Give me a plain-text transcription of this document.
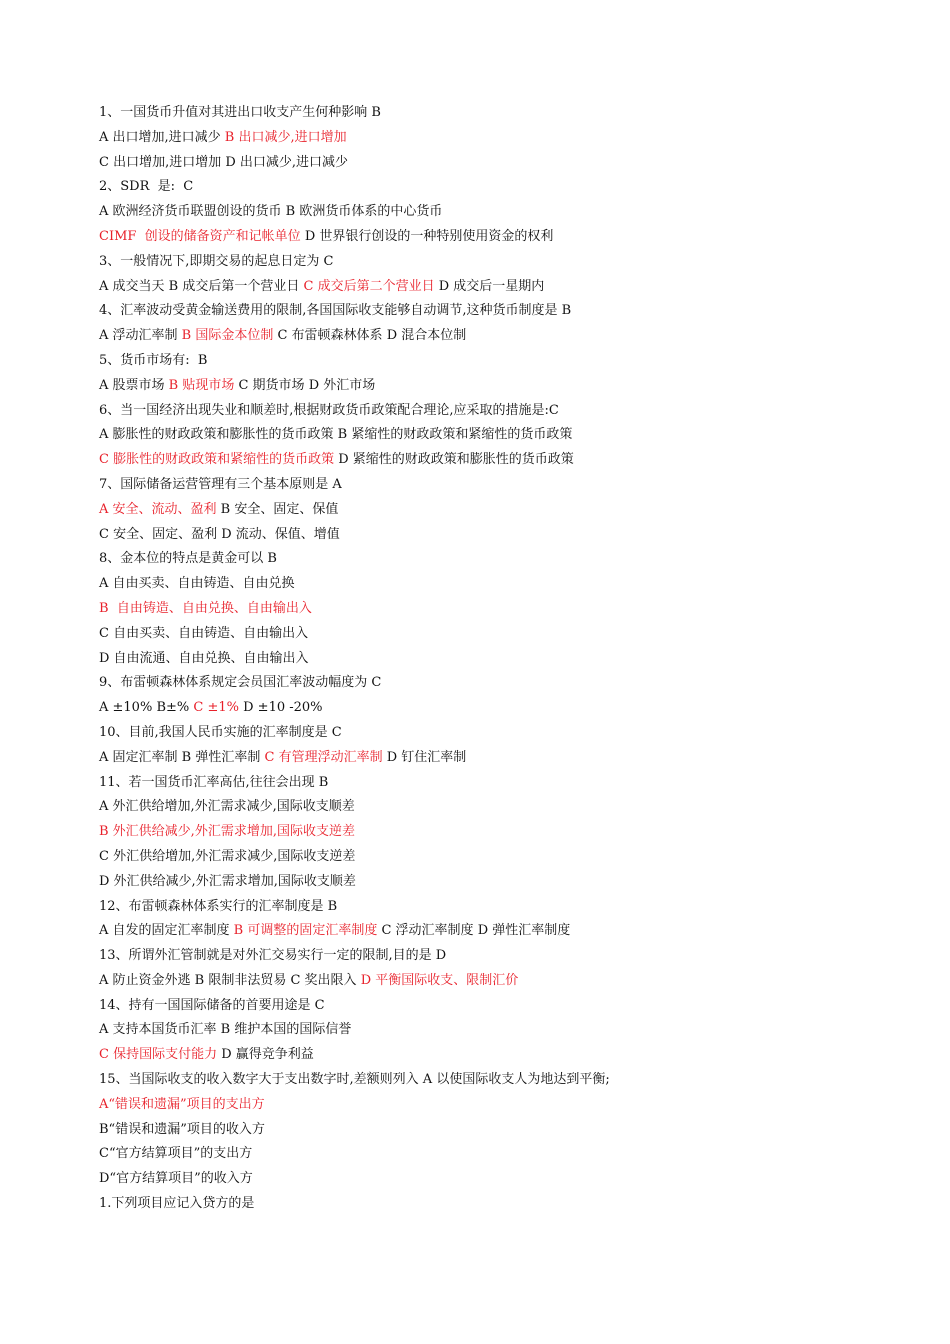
1、一国货币升值对其进出口收支产生何种影响 B
A 出口增加,进口减少 B 出口减少,进口增加
C 出口增加,进口增加 D 出口减少,进口减少
2、SDR  是:  C
A 欧洲经济货币联盟创设的货币 B 欧洲货币体系的中心货币
CIMF  创设的储备资产和记帐单位 D 世界银行创设的一种特别使用资金的权利
3、一般情况下,即期交易的起息日定为 C
A 成交当天 B 成交后第一个营业日 C 成交后第二个营业日 D 成交后一星期内
4、汇率波动受黄金输送费用的限制,各国国际收支能够自动调节,这种货币制度是 B
A 浮动汇率制 B 国际金本位制 C 布雷顿森林体系 D 混合本位制
5、货币市场有:  B
A 股票市场 B 贴现市场 C 期货市场 D 外汇市场
6、当一国经济出现失业和顺差时,根据财政货币政策配合理论,应采取的措施是:C
A 膨胀性的财政政策和膨胀性的货币政策 B 紧缩性的财政政策和紧缩性的货币政策
C 膨胀性的财政政策和紧缩性的货币政策 D 紧缩性的财政政策和膨胀性的货币政策
7、国际储备运营管理有三个基本原则是 A
A 安全、流动、盈利 B 安全、固定、保值
C 安全、固定、盈利 D 流动、保值、增值
8、金本位的特点是黄金可以 B
A 自由买卖、自由铸造、自由兑换
B  自由铸造、自由兑换、自由输出入
C 自由买卖、自由铸造、自由输出入
D 自由流通、自由兑换、自由输出入
9、布雷顿森林体系规定会员国汇率波动幅度为 C
A ±10% B±% C ±1% D ±10 -20%
10、目前,我国人民币实施的汇率制度是 C
A 固定汇率制 B 弹性汇率制 C 有管理浮动汇率制 D 钉住汇率制
11、若一国货币汇率高估,往往会出现 B
A 外汇供给增加,外汇需求减少,国际收支顺差
B 外汇供给减少,外汇需求增加,国际收支逆差
C 外汇供给增加,外汇需求减少,国际收支逆差
D 外汇供给减少,外汇需求增加,国际收支顺差
12、布雷顿森林体系实行的汇率制度是 B
A 自发的固定汇率制度 B 可调整的固定汇率制度 C 浮动汇率制度 D 弹性汇率制度
13、所谓外汇管制就是对外汇交易实行一定的限制,目的是 D
A 防止资金外逃 B 限制非法贸易 C 奖出限入 D 平衡国际收支、限制汇价
14、持有一国国际储备的首要用途是 C
A 支持本国货币汇率 B 维护本国的国际信誉
C 保持国际支付能力 D 赢得竞争利益
15、当国际收支的收入数字大于支出数字时,差额则列入 A 以使国际收支人为地达到平衡;
A“错误和遗漏”项目的支出方
B“错误和遗漏”项目的收入方
C“官方结算项目”的支出方
D“官方结算项目”的收入方
1.下列项目应记入贷方的是
